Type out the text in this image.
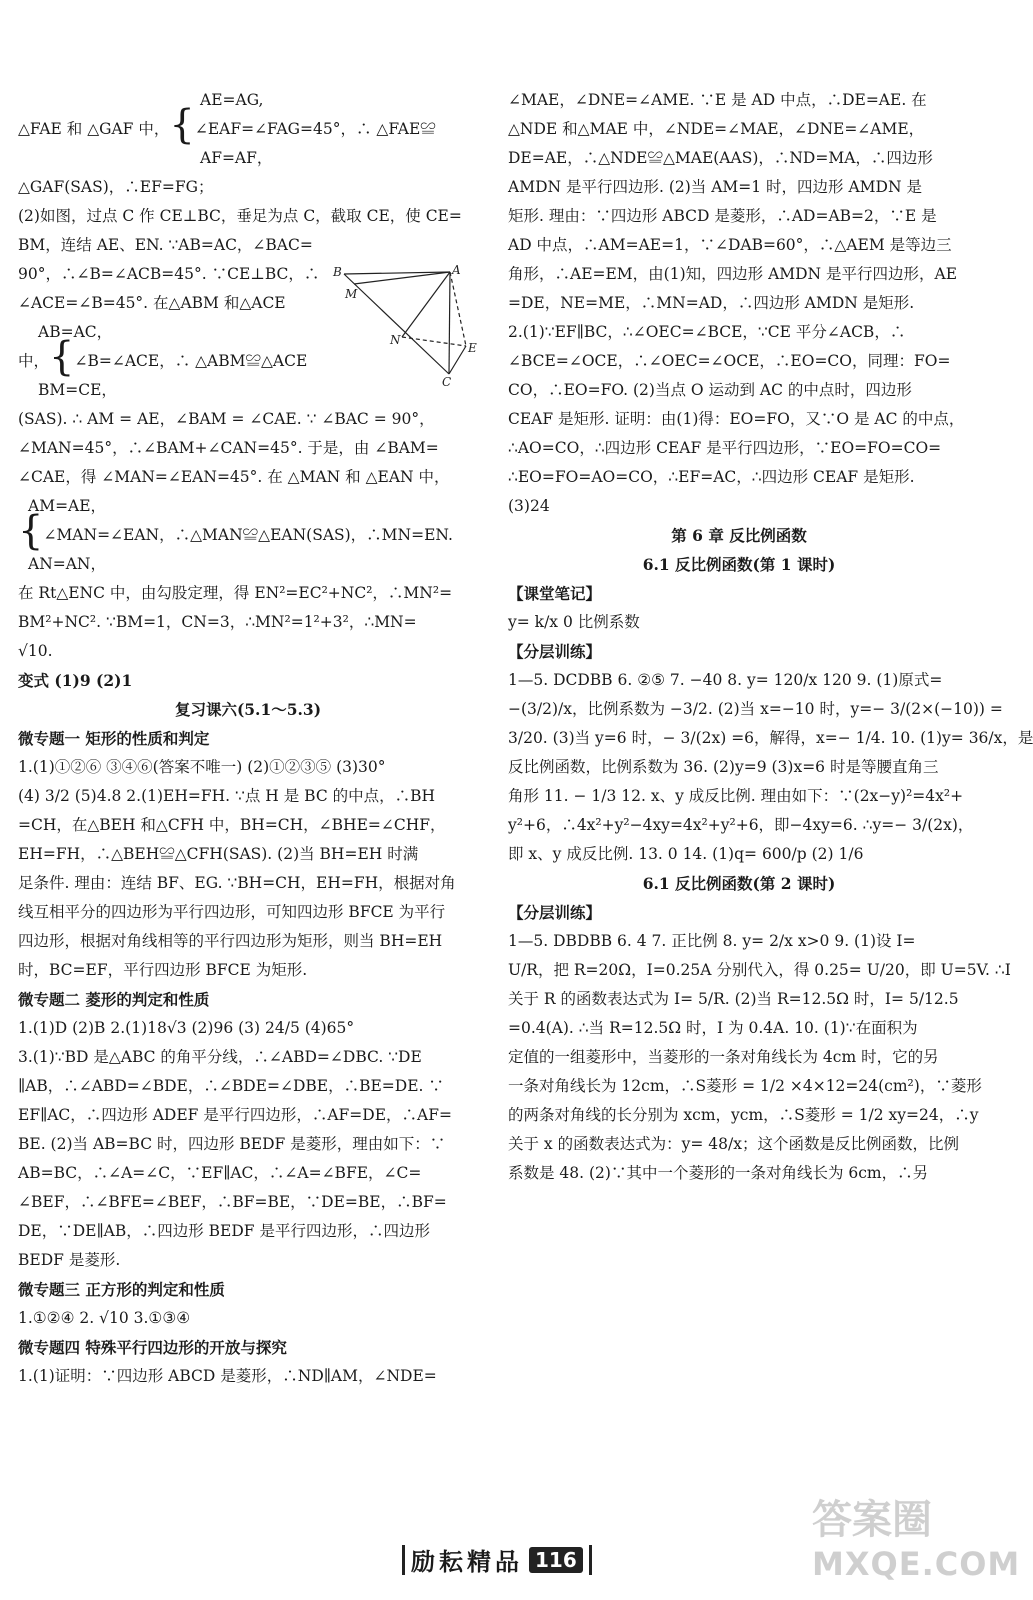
AE=AG,
△FAE 和 △GAF 中，{∠EAF=∠FAG=45°，∴ △FAE≌
AF=AF，
△GAF(SAS)，∴EF=FG；
(2)如图，过点 C 作 CE⊥BC，垂足为点 C，截取 CE，使 CE=
BM，连结 AE、EN. ∵AB=AC，∠BAC=
90°，∴∠B=∠ACB=45°. ∵CE⊥BC，∴
∠ACE=∠B=45°. 在△ABM 和△ACE
AB=AC，
中，{∠B=∠ACE，∴ △ABM≌△ACE
BM=CE，
(SAS). ∴ AM = AE，∠BAM = ∠CAE. ∵ ∠BAC = 90°，
∠MAN=45°，∴∠BAM+∠CAN=45°. 于是，由 ∠BAM=
∠CAE，得 ∠MAN=∠EAN=45°. 在 △MAN 和 △EAN 中，
AM=AE，
{∠MAN=∠EAN，∴△MAN≌△EAN(SAS)，∴MN=EN.
AN=AN，
在 Rt△ENC 中，由勾股定理，得 EN²=EC²+NC²，∴MN²=
BM²+NC². ∵BM=1，CN=3，∴MN²=1²+3²，∴MN=
√10.
变式 (1)9 (2)1
复习课六(5.1～5.3)
微专题一 矩形的性质和判定
1.(1)①②⑥ ③④⑥(答案不唯一) (2)①②③⑤ (3)30°
(4) 3/2 (5)4.8 2.(1)EH=FH. ∵点 H 是 BC 的中点，∴BH
=CH，在△BEH 和△CFH 中，BH=CH，∠BHE=∠CHF，
EH=FH，∴△BEH≌△CFH(SAS). (2)当 BH=EH 时满
足条件. 理由：连结 BF、EG. ∵BH=CH，EH=FH，根据对角
线互相平分的四边形为平行四边形，可知四边形 BFCE 为平行
四边形，根据对角线相等的平行四边形为矩形，则当 BH=EH
时，BC=EF，平行四边形 BFCE 为矩形.
微专题二 菱形的判定和性质
1.(1)D (2)B 2.(1)18√3 (2)96 (3) 24/5 (4)65°
3.(1)∵BD 是△ABC 的角平分线，∴∠ABD=∠DBC. ∵DE
∥AB，∴∠ABD=∠BDE，∴∠BDE=∠DBE，∴BE=DE. ∵
EF∥AC，∴四边形 ADEF 是平行四边形，∴AF=DE，∴AF=
BE. (2)当 AB=BC 时，四边形 BEDF 是菱形，理由如下：∵
AB=BC，∴∠A=∠C，∵EF∥AC，∴∠A=∠BFE，∠C=
∠BEF，∴∠BFE=∠BEF，∴BF=BE，∵DE=BE，∴BF=
DE，∵DE∥AB，∴四边形 BEDF 是平行四边形，∴四边形
BEDF 是菱形.
微专题三 正方形的判定和性质
1.①②④ 2. √10 3.①③④
微专题四 特殊平行四边形的开放与探究
1.(1)证明：∵四边形 ABCD 是菱形，∴ND∥AM，∠NDE=
B	A
M
N
E
C
∠MAE，∠DNE=∠AME. ∵E 是 AD 中点，∴DE=AE. 在
△NDE 和△MAE 中，∠NDE=∠MAE，∠DNE=∠AME，
DE=AE，∴△NDE≌△MAE(AAS)，∴ND=MA，∴四边形
AMDN 是平行四边形. (2)当 AM=1 时，四边形 AMDN 是
矩形. 理由：∵四边形 ABCD 是菱形，∴AD=AB=2，∵E 是
AD 中点，∴AM=AE=1，∵∠DAB=60°，∴△AEM 是等边三
角形，∴AE=EM，由(1)知，四边形 AMDN 是平行四边形，AE
=DE，NE=ME，∴MN=AD，∴四边形 AMDN 是矩形.
2.(1)∵EF∥BC，∴∠OEC=∠BCE，∵CE 平分∠ACB，∴
∠BCE=∠OCE，∴∠OEC=∠OCE，∴EO=CO，同理：FO=
CO，∴EO=FO. (2)当点 O 运动到 AC 的中点时，四边形
CEAF 是矩形. 证明：由(1)得：EO=FO，又∵O 是 AC 的中点，
∴AO=CO，∴四边形 CEAF 是平行四边形，∵EO=FO=CO=
∴EO=FO=AO=CO，∴EF=AC，∴四边形 CEAF 是矩形.
(3)24
第 6 章 反比例函数
6.1 反比例函数(第 1 课时)
【课堂笔记】
y= k/x 0 比例系数
【分层训练】
1—5. DCDBB 6. ②⑤ 7. −40 8. y= 120/x 120 9. (1)原式=
−(3/2)/x，比例系数为 −3/2. (2)当 x=−10 时，y=− 3/(2×(−10)) =
3/20. (3)当 y=6 时，− 3/(2x) =6，解得，x=− 1/4. 10. (1)y= 36/x，是
反比例函数，比例系数为 36. (2)y=9 (3)x=6 时是等腰直角三
角形 11. − 1/3 12. x、y 成反比例. 理由如下：∵(2x−y)²=4x²+
y²+6，∴4x²+y²−4xy=4x²+y²+6，即−4xy=6. ∴y=− 3/(2x)，
即 x、y 成反比例. 13. 0 14. (1)q= 600/p (2) 1/6
6.1 反比例函数(第 2 课时)
【分层训练】
1—5. DBDBB 6. 4 7. 正比例 8. y= 2/x x>0 9. (1)设 I=
U/R，把 R=20Ω，I=0.25A 分别代入，得 0.25= U/20，即 U=5V. ∴I
关于 R 的函数表达式为 I= 5/R. (2)当 R=12.5Ω 时，I= 5/12.5
=0.4(A). ∴当 R=12.5Ω 时，I 为 0.4A. 10. (1)∵在面积为
定值的一组菱形中，当菱形的一条对角线长为 4cm 时，它的另
一条对角线长为 12cm，∴S菱形 = 1/2 ×4×12=24(cm²)，∵菱形
的两条对角线的长分别为 xcm，ycm，∴S菱形 = 1/2 xy=24，∴y
关于 x 的函数表达式为：y= 48/x；这个函数是反比例函数，比例
系数是 48. (2)∵其中一个菱形的一条对角线长为 6cm，∴另
励耘精品 116
答案圈
MXQE.COM
